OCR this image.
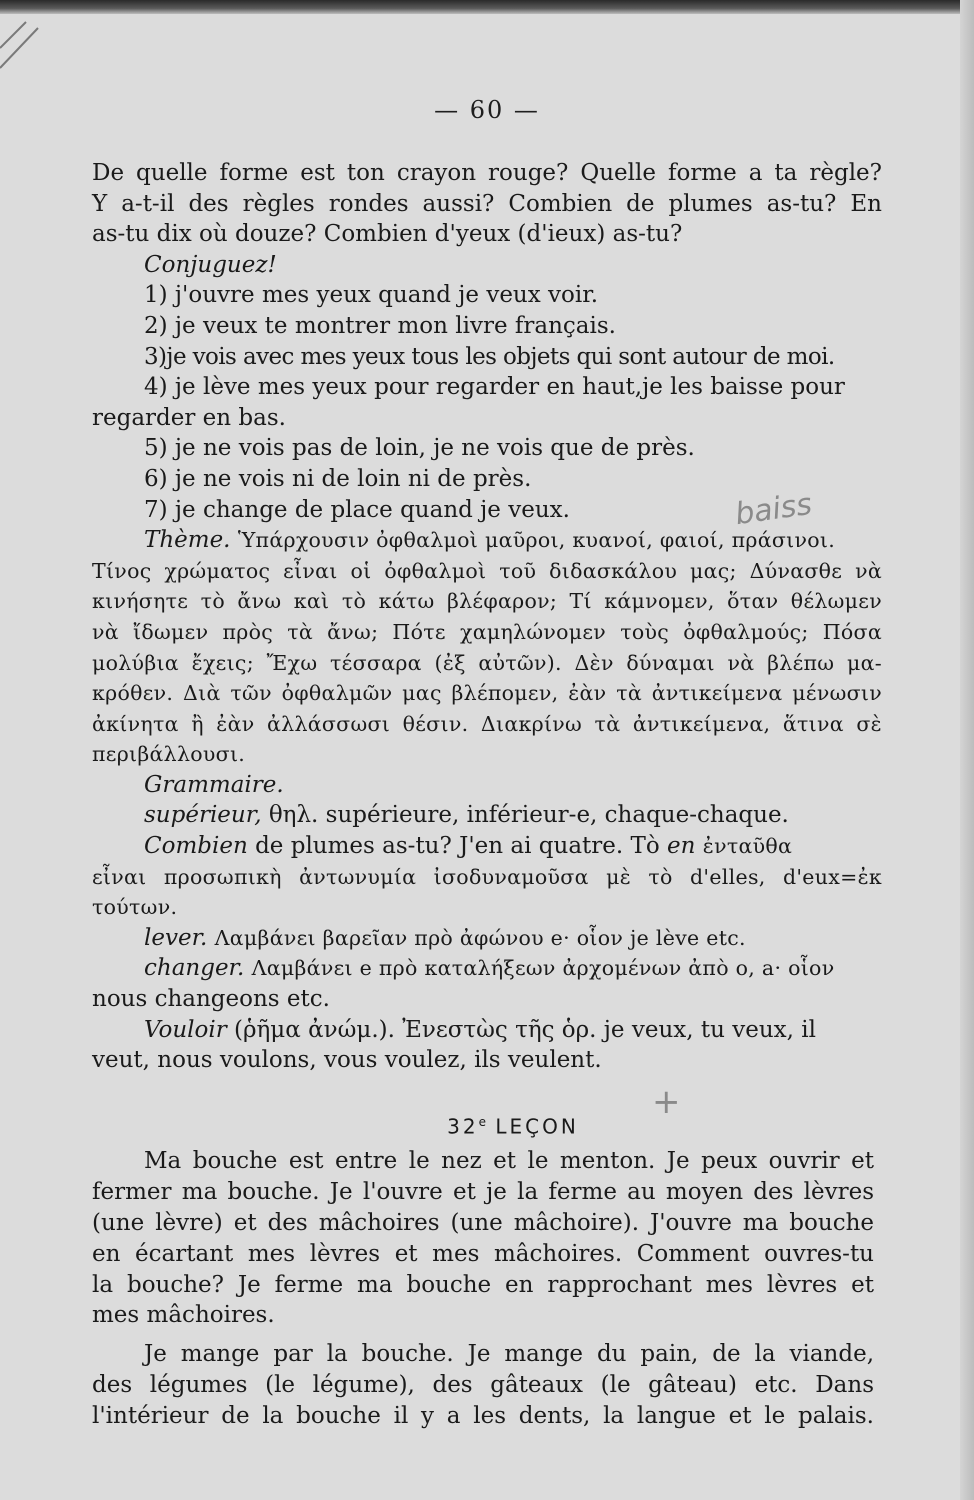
— 60 —

De quelle forme est ton crayon rouge? Quelle forme a ta règle?

Y a-t-il des règles rondes aussi? Combien de plumes as-tu? En

as-tu dix où douze? Combien d'yeux (d'ieux) as-tu?

Conjuguez!

1) j'ouvre mes yeux quand je veux voir.

2) je veux te montrer mon livre français.

3)je vois avec mes yeux tous les objets qui sont autour de moi.

4) je lève mes yeux pour regarder en haut,je les baisse pour

regarder en bas.

5) je ne vois pas de loin, je ne vois que de près.

6) je ne vois ni de loin ni de près.

7) je change de place quand je veux.

Thème. Ὑπάρχουσιν ὀφθαλμοὶ μαῦροι, κυανοί, φαιοί, πράσινοι.

Τίνος χρώματος εἶναι οἱ ὀφθαλμοὶ τοῦ διδασκάλου μας; Δύνασθε νὰ

κινήσητε τὸ ἄνω καὶ τὸ κάτω βλέφαρον; Τί κάμνομεν, ὅταν θέλωμεν

νὰ ἴδωμεν πρὸς τὰ ἄνω; Πότε χαμηλώνομεν τοὺς ὀφθαλμούς; Πόσα

μολύβια ἔχεις; Ἔχω τέσσαρα (ἐξ αὐτῶν). Δὲν δύναμαι νὰ βλέπω μα-

κρόθεν. Διὰ τῶν ὀφθαλμῶν μας βλέπομεν, ἐὰν τὰ ἀντικείμενα μένωσιν

ἀκίνητα ἢ ἐὰν ἀλλάσσωσι θέσιν. Διακρίνω τὰ ἀντικείμενα, ἅτινα σὲ

περιβάλλουσι.

Grammaire.

supérieur, θηλ. supérieure, inférieur-e, chaque-chaque.

Combien de plumes as-tu? J'en ai quatre. Τὸ en ἐνταῦθα

εἶναι προσωπικὴ ἀντωνυμία ἰσοδυναμοῦσα μὲ τὸ d'elles, d'eux=ἐκ

τούτων.

lever. Λαμβάνει βαρεῖαν πρὸ ἀφώνου e· οἷον je lève etc.

changer. Λαμβάνει e πρὸ καταλήξεων ἀρχομένων ἀπὸ o, a· οἷον

nous changeons etc.

Vouloir (ῥῆμα ἀνώμ.). Ἐνεστὼς τῆς ὁρ. je veux, tu veux, il

veut, nous voulons, vous voulez, ils veulent.

32e LEÇON

Ma bouche est entre le nez et le menton. Je peux ouvrir et

fermer ma bouche. Je l'ouvre et je la ferme au moyen des lèvres

(une lèvre) et des mâchoires (une mâchoire). J'ouvre ma bouche

en écartant mes lèvres et mes mâchoires. Comment ouvres-tu

la bouche? Je ferme ma bouche en rapprochant mes lèvres et

mes mâchoires.

Je mange par la bouche. Je mange du pain, de la viande,

des légumes (le légume), des gâteaux (le gâteau) etc. Dans

l'intérieur de la bouche il y a les dents, la langue et le palais.

baiss
+
